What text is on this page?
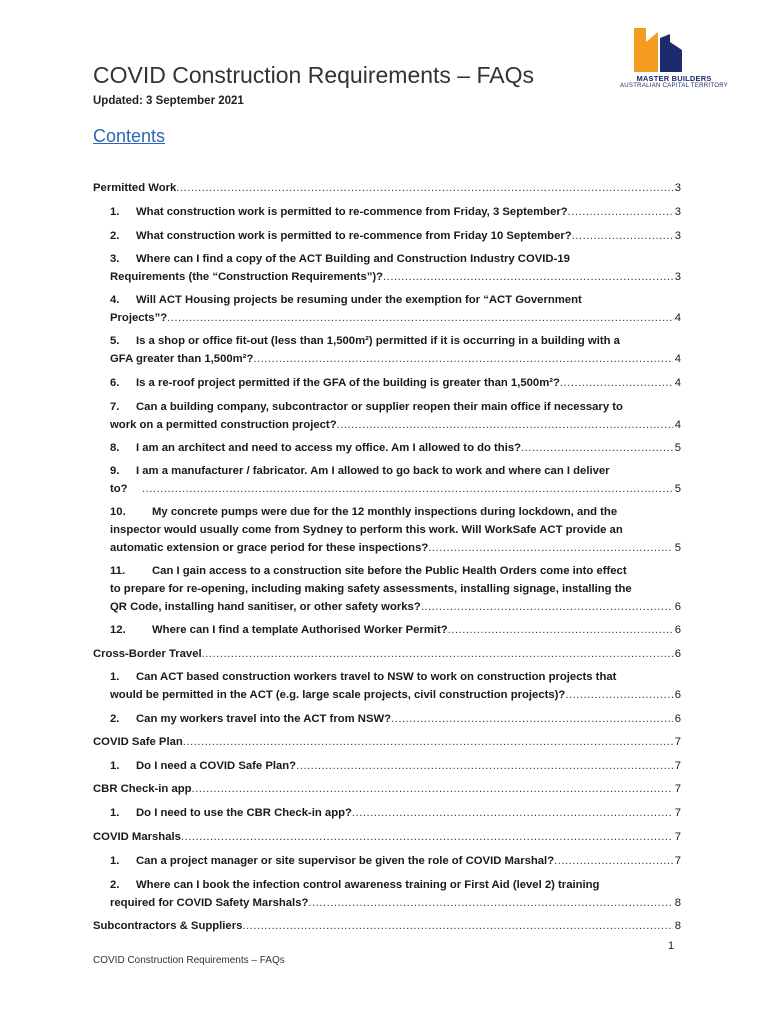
MASTER BUILDERS
AUSTRALIAN CAPITAL TERRITORY
COVID Construction Requirements – FAQs
Updated: 3 September 2021
Contents
Permitted Work .....	3
1.	What construction work is permitted to re-commence from Friday, 3 September? .....	3
2.	What construction work is permitted to re-commence from Friday 10 September? .....	3
3.	Where can I find a copy of the ACT Building and Construction Industry COVID-19
Requirements (the “Construction Requirements”)? .....	3
4.	Will ACT Housing projects be resuming under the exemption for “ACT Government
Projects”? .....	4
5.	Is a shop or office fit-out (less than 1,500m²) permitted if it is occurring in a building with a
GFA greater than 1,500m²? .....	4
6.	Is a re-roof project permitted if the GFA of the building is greater than 1,500m²? .....	4
7.	Can a building company, subcontractor or supplier reopen their main office if necessary to
work on a permitted construction project? .....	4
8.	I am an architect and need to access my office. Am I allowed to do this? .....	5
9.	I am a manufacturer / fabricator. Am I allowed to go back to work and where can I deliver
to? .....	5
10.	My concrete pumps were due for the 12 monthly inspections during lockdown, and the
inspector would usually come from Sydney to perform this work. Will WorkSafe ACT provide an
automatic extension or grace period for these inspections? .....	5
11.	Can I gain access to a construction site before the Public Health Orders come into effect
to prepare for re-opening, including making safety assessments, installing signage, installing the
QR Code, installing hand sanitiser, or other safety works? .....	6
12.	Where can I find a template Authorised Worker Permit? .....	6
Cross-Border Travel .....	6
1.	Can ACT based construction workers travel to NSW to work on construction projects that
would be permitted in the ACT (e.g. large scale projects, civil construction projects)? .....	6
2.	Can my workers travel into the ACT from NSW? .....	6
COVID Safe Plan .....	7
1.	Do I need a COVID Safe Plan? .....	7
CBR Check-in app .....	7
1.	Do I need to use the CBR Check-in app? .....	7
COVID Marshals .....	7
1.	Can a project manager or site supervisor be given the role of COVID Marshal? .....	7
2.	Where can I book the infection control awareness training or First Aid (level 2) training
required for COVID Safety Marshals? .....	8
Subcontractors & Suppliers .....	8
1
COVID Construction Requirements – FAQs
